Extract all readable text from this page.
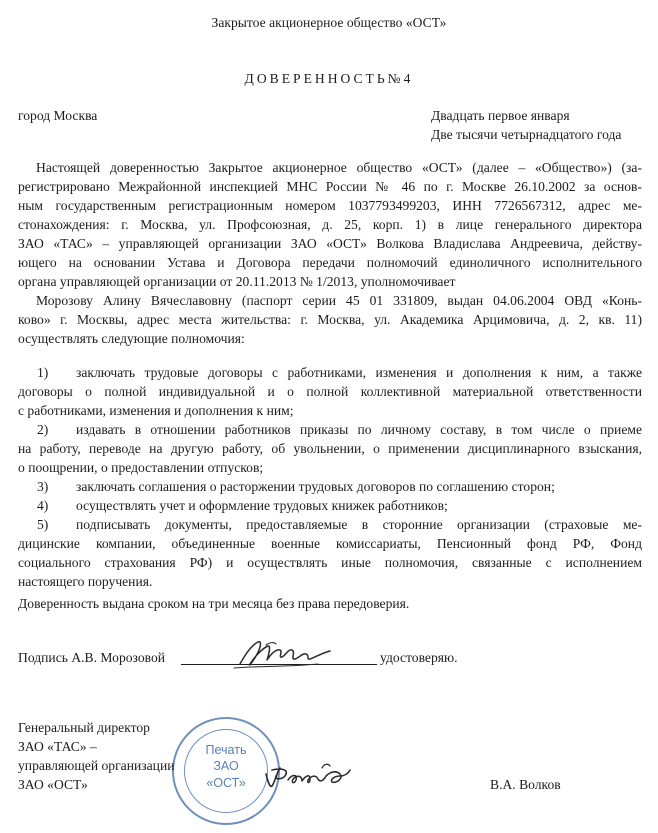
Закрытое акционерное общество «ОСТ»
ДОВЕРЕННОСТЬ№4
город Москва	Двадцать первое января
Две тысячи четырнадцатого года
Настоящей доверенностью Закрытое акционерное общество «ОСТ» (далее – «Общество») (за-
регистрировано Межрайонной инспекцией МНС России № 46 по г. Москве 26.10.2002 за основ-
ным государственным регистрационным номером 1037793499203, ИНН 7726567312, адрес ме-
стонахождения: г. Москва, ул. Профсоюзная, д. 25, корп. 1) в лице генерального директора
ЗАО «ТАС» – управляющей организации ЗАО «ОСТ» Волкова Владислава Андреевича, действу-
ющего на основании Устава и Договора передачи полномочий единоличного исполнительного
органа управляющей организации от 20.11.2013 № 1/2013, уполномочивает
Морозову Алину Вячеславовну (паспорт серии 45 01 331809, выдан 04.06.2004 ОВД «Конь-
ково» г. Москвы, адрес места жительства: г. Москва, ул. Академика Арцимовича, д. 2, кв. 11)
осуществлять следующие полномочия:
1) заключать трудовые договоры с работниками, изменения и дополнения к ним, а также
договоры о полной индивидуальной и о полной коллективной материальной ответственности
с работниками, изменения и дополнения к ним;
2) издавать в отношении работников приказы по личному составу, в том числе о приеме
на работу, переводе на другую работу, об увольнении, о применении дисциплинарного взыскания,
о поощрении, о предоставлении отпусков;
3) заключать соглашения о расторжении трудовых договоров по соглашению сторон;
4) осуществлять учет и оформление трудовых книжек работников;
5) подписывать документы, предоставляемые в сторонние организации (страховые ме-
дицинские компании, объединенные военные комиссариаты, Пенсионный фонд РФ, Фонд
социального страхования РФ) и осуществлять иные полномочия, связанные с исполнением
настоящего поручения.
Доверенность выдана сроком на три месяца без права передоверия.
Подпись А.В. Морозовой	удостоверяю.
Печать
ЗАО
«ОСТ»
Генеральный директор
ЗАО «ТАС» –
управляющей организации
ЗАО «ОСТ»	В.А. Волков
